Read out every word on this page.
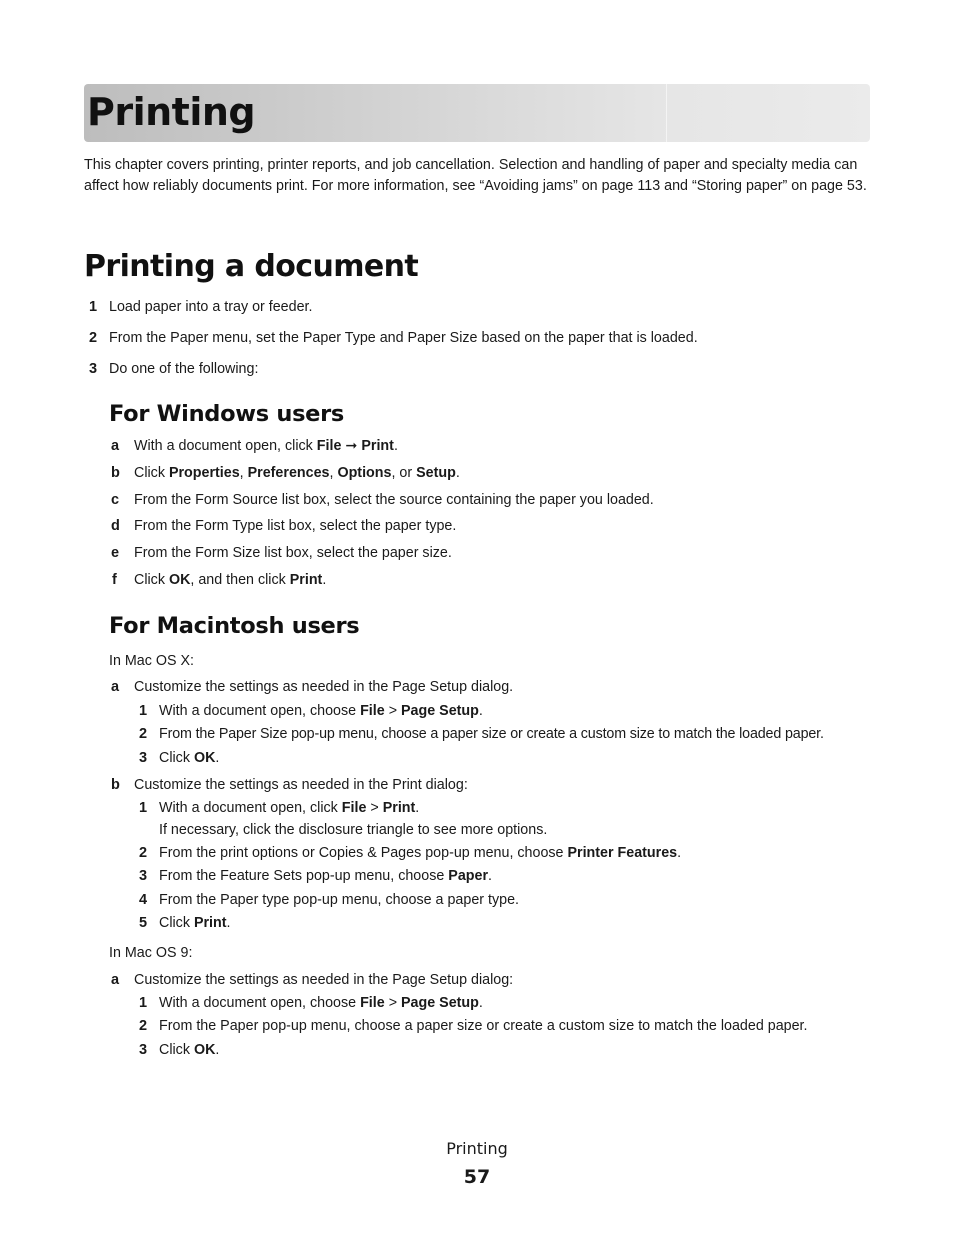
Printing
This chapter covers printing, printer reports, and job cancellation. Selection and handling of paper and specialty media can affect how reliably documents print. For more information, see “Avoiding jams” on page 113 and “Storing paper” on page 53.
Printing a document
1 Load paper into a tray or feeder.
2 From the Paper menu, set the Paper Type and Paper Size based on the paper that is loaded.
3 Do one of the following:
For Windows users
a With a document open, click File ➞ Print.
b Click Properties, Preferences, Options, or Setup.
c From the Form Source list box, select the source containing the paper you loaded.
d From the Form Type list box, select the paper type.
e From the Form Size list box, select the paper size.
f Click OK, and then click Print.
For Macintosh users
In Mac OS X:
a Customize the settings as needed in the Page Setup dialog.
1 With a document open, choose File > Page Setup.
2 From the Paper Size pop-up menu, choose a paper size or create a custom size to match the loaded paper.
3 Click OK.
b Customize the settings as needed in the Print dialog:
1 With a document open, click File > Print.
If necessary, click the disclosure triangle to see more options.
2 From the print options or Copies & Pages pop-up menu, choose Printer Features.
3 From the Feature Sets pop-up menu, choose Paper.
4 From the Paper type pop-up menu, choose a paper type.
5 Click Print.
In Mac OS 9:
a Customize the settings as needed in the Page Setup dialog:
1 With a document open, choose File > Page Setup.
2 From the Paper pop-up menu, choose a paper size or create a custom size to match the loaded paper.
3 Click OK.
Printing
57
